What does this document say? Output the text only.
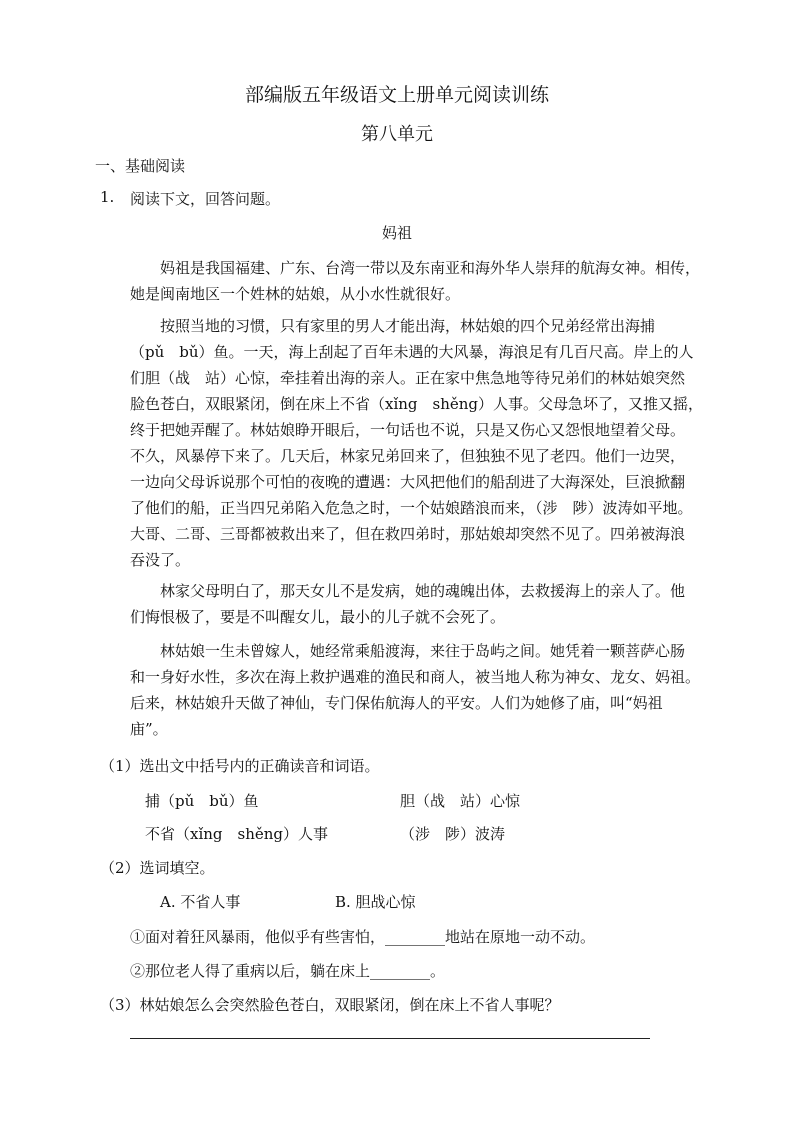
部编版五年级语文上册单元阅读训练
第八单元
一、基础阅读
1. 阅读下文，回答问题。
妈祖
妈祖是我国福建、广东、台湾一带以及东南亚和海外华人崇拜的航海女神。相传，
她是闽南地区一个姓林的姑娘，从小水性就很好。
按照当地的习惯，只有家里的男人才能出海，林姑娘的四个兄弟经常出海捕
（pǔ　bǔ）鱼。一天，海上刮起了百年未遇的大风暴，海浪足有几百尺高。岸上的人
们胆（战　站）心惊，牵挂着出海的亲人。正在家中焦急地等待兄弟们的林姑娘突然
脸色苍白，双眼紧闭，倒在床上不省（xǐng　shěng）人事。父母急坏了，又推又摇，
终于把她弄醒了。林姑娘睁开眼后，一句话也不说，只是又伤心又怨恨地望着父母。
不久，风暴停下来了。几天后，林家兄弟回来了，但独独不见了老四。他们一边哭，
一边向父母诉说那个可怕的夜晚的遭遇：大风把他们的船刮进了大海深处，巨浪掀翻
了他们的船，正当四兄弟陷入危急之时，一个姑娘踏浪而来，（涉　陟）波涛如平地。
大哥、二哥、三哥都被救出来了，但在救四弟时，那姑娘却突然不见了。四弟被海浪
吞没了。
林家父母明白了，那天女儿不是发病，她的魂魄出体，去救援海上的亲人了。他
们悔恨极了，要是不叫醒女儿，最小的儿子就不会死了。
林姑娘一生未曾嫁人，她经常乘船渡海，来往于岛屿之间。她凭着一颗菩萨心肠
和一身好水性，多次在海上救护遇难的渔民和商人，被当地人称为神女、龙女、妈祖。
后来，林姑娘升天做了神仙，专门保佑航海人的平安。人们为她修了庙，叫“妈祖
庙”。
（1）选出文中括号内的正确读音和词语。
捕（pǔ　bǔ）鱼	胆（战　站）心惊
不省（xǐng　shěng）人事	（涉　陟）波涛
（2）选词填空。
A. 不省人事	B. 胆战心惊
①面对着狂风暴雨，他似乎有些害怕，________地站在原地一动不动。
②那位老人得了重病以后，躺在床上________。
（3）林姑娘怎么会突然脸色苍白，双眼紧闭，倒在床上不省人事呢？
